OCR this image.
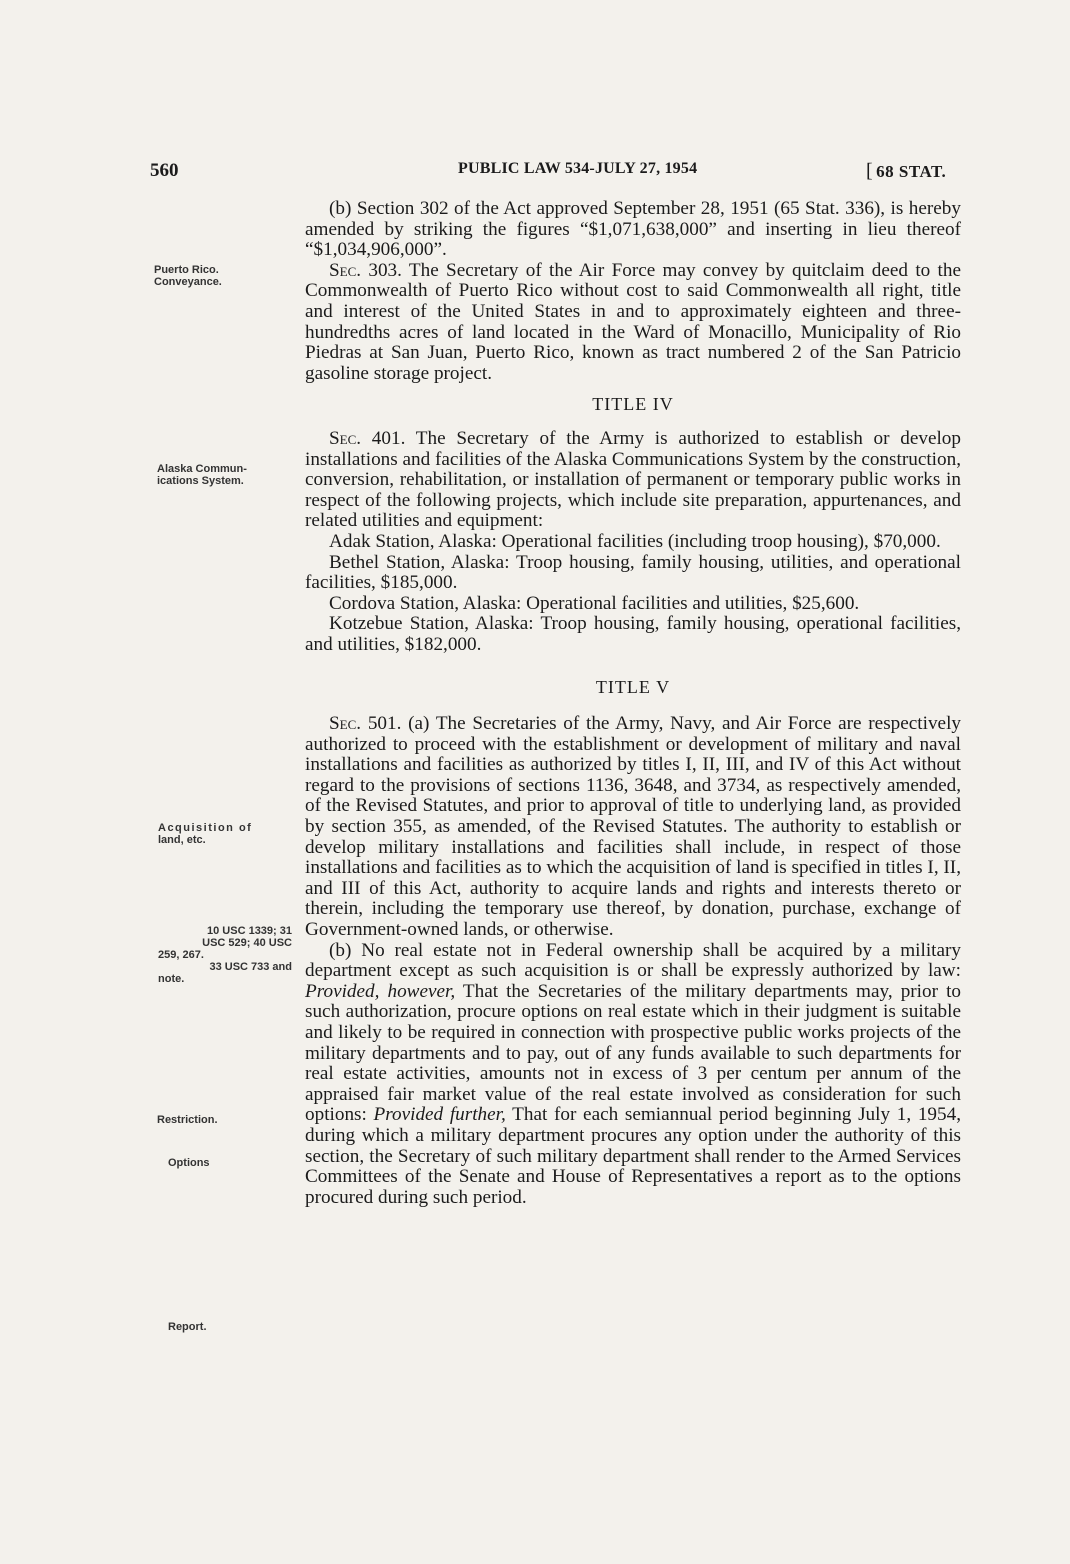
560	PUBLIC LAW 534-JULY 27, 1954	[ 68 STAT.
Puerto Rico.
Conveyance.
Alaska Commun-
ications System.
Acquisition of
land, etc.
10 USC 1339; 31
USC 529; 40 USC
259, 267.
33 USC 733 and
note.
Restriction.
Options
Report.

(b) Section 302 of the Act approved September 28, 1951 (65 Stat. 336), is hereby amended by striking the figures “$1,071,638,000” and inserting in lieu thereof “$1,034,906,000”.

Sec. 303. The Secretary of the Air Force may convey by quitclaim deed to the Commonwealth of Puerto Rico without cost to said Commonwealth all right, title and interest of the United States in and to approximately eighteen and three-hundredths acres of land located in the Ward of Monacillo, Municipality of Rio Piedras at San Juan, Puerto Rico, known as tract numbered 2 of the San Patricio gasoline storage project.

TITLE IV

Sec. 401. The Secretary of the Army is authorized to establish or develop installations and facilities of the Alaska Communications System by the construction, conversion, rehabilitation, or installation of permanent or temporary public works in respect of the following projects, which include site preparation, appurtenances, and related utilities and equipment:

Adak Station, Alaska: Operational facilities (including troop housing), $70,000.

Bethel Station, Alaska: Troop housing, family housing, utilities, and operational facilities, $185,000.

Cordova Station, Alaska: Operational facilities and utilities, $25,600.

Kotzebue Station, Alaska: Troop housing, family housing, operational facilities, and utilities, $182,000.

TITLE V

Sec. 501. (a) The Secretaries of the Army, Navy, and Air Force are respectively authorized to proceed with the establishment or development of military and naval installations and facilities as authorized by titles I, II, III, and IV of this Act without regard to the provisions of sections 1136, 3648, and 3734, as respectively amended, of the Revised Statutes, and prior to approval of title to underlying land, as provided by section 355, as amended, of the Revised Statutes. The authority to establish or develop military installations and facilities shall include, in respect of those installations and facilities as to which the acquisition of land is specified in titles I, II, and III of this Act, authority to acquire lands and rights and interests thereto or therein, including the temporary use thereof, by donation, purchase, exchange of Government-owned lands, or otherwise.

(b) No real estate not in Federal ownership shall be acquired by a military department except as such acquisition is or shall be expressly authorized by law: Provided, however, That the Secretaries of the military departments may, prior to such authorization, procure options on real estate which in their judgment is suitable and likely to be required in connection with prospective public works projects of the military departments and to pay, out of any funds available to such departments for real estate activities, amounts not in excess of 3 per centum per annum of the appraised fair market value of the real estate involved as consideration for such options: Provided further, That for each semiannual period beginning July 1, 1954, during which a military department procures any option under the authority of this section, the Secretary of such military department shall render to the Armed Services Committees of the Senate and House of Representatives a report as to the options procured during such period.
